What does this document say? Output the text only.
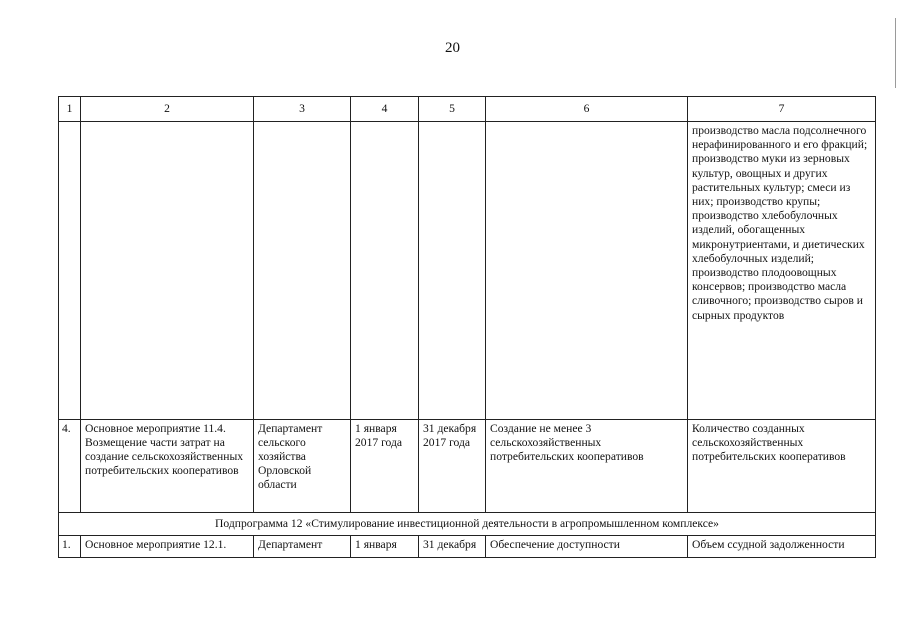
20
1	2	3	4	5	6	7
						производство масла подсолнечного нерафинированного и его фракций; производство муки из зерновых культур, овощных и других растительных культур; смеси из них; производство крупы; производство хлебобулочных изделий, обогащенных микронутриентами, и диетических хлебобулочных изделий; производство плодоовощных консервов; производство масла сливочного; производство сыров и сырных продуктов
4.	Основное мероприятие 11.4. Возмещение части затрат на создание сельскохозяйственных потребительских кооперативов	Департамент сельского хозяйства Орловской области	1 января 2017 года	31 декабря 2017 года	Создание не менее 3 сельскохозяйственных потребительских кооперативов	Количество созданных сельскохозяйственных потребительских кооперативов
Подпрограмма 12 «Стимулирование инвестиционной деятельности в агропромышленном комплексе»						
1.	Основное мероприятие 12.1.	Департамент	1 января	31 декабря	Обеспечение доступности	Объем ссудной задолженности
